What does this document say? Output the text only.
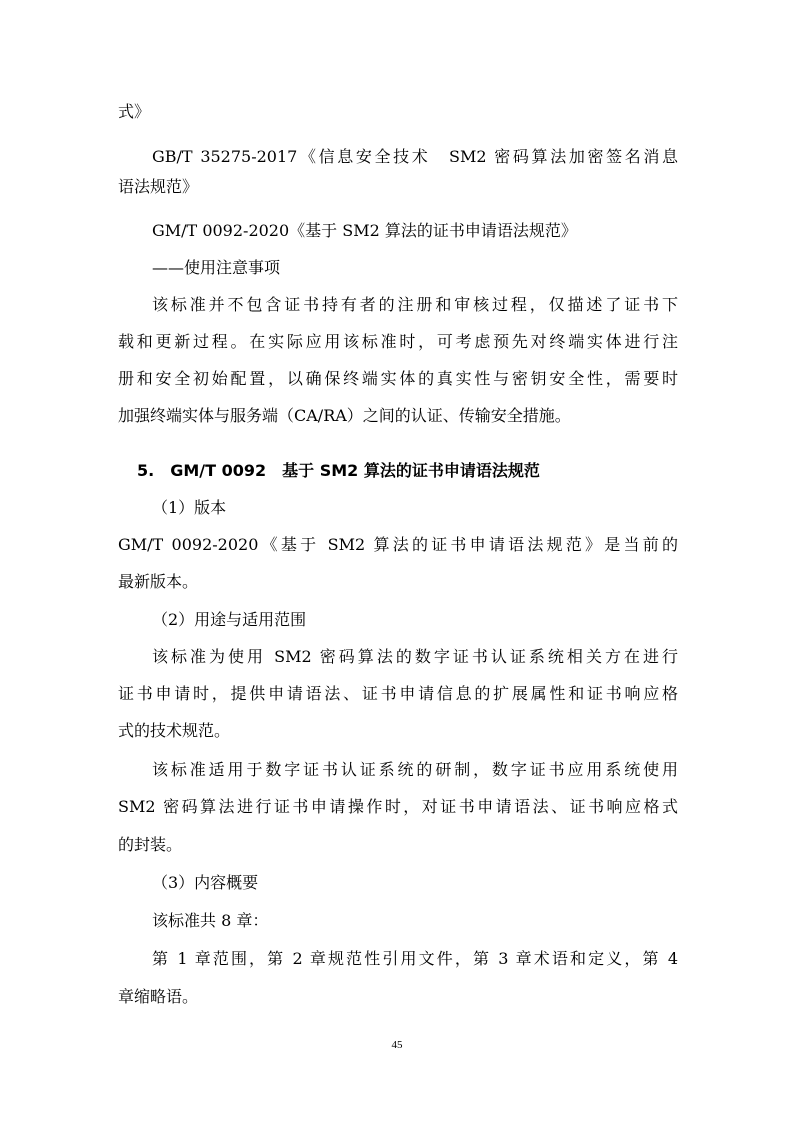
式》
GB/T 35275-2017《信息安全技术　SM2 密码算法加密签名消息
语法规范》
GM/T 0092-2020《基于 SM2 算法的证书申请语法规范》
——使用注意事项
该标准并不包含证书持有者的注册和审核过程，仅描述了证书下
载和更新过程。在实际应用该标准时，可考虑预先对终端实体进行注
册和安全初始配置，以确保终端实体的真实性与密钥安全性，需要时
加强终端实体与服务端（CA/RA）之间的认证、传输安全措施。
5.　GM/T 0092　基于 SM2 算法的证书申请语法规范
（1）版本
GM/T 0092-2020《基于 SM2 算法的证书申请语法规范》是当前的
最新版本。
（2）用途与适用范围
该标准为使用 SM2 密码算法的数字证书认证系统相关方在进行
证书申请时，提供申请语法、证书申请信息的扩展属性和证书响应格
式的技术规范。
该标准适用于数字证书认证系统的研制，数字证书应用系统使用
SM2 密码算法进行证书申请操作时，对证书申请语法、证书响应格式
的封装。
（3）内容概要
该标准共 8 章：
第 1 章范围，第 2 章规范性引用文件，第 3 章术语和定义，第 4
章缩略语。
45
